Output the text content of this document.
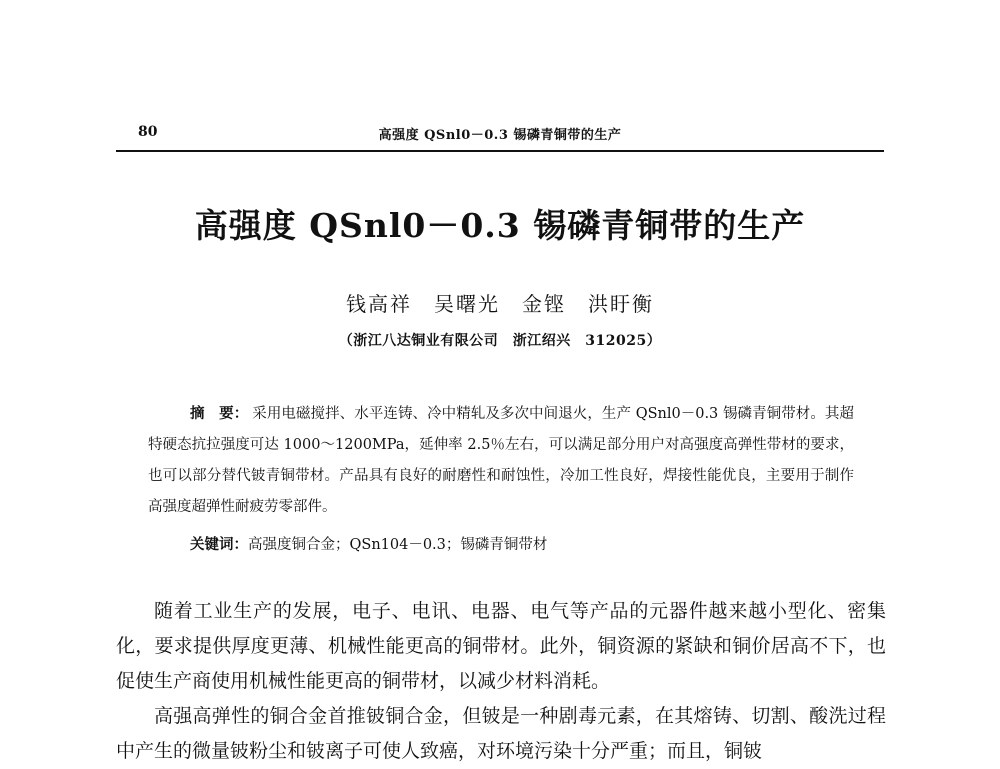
80	高强度 QSnl0－0.3 锡磷青铜带的生产
高强度 QSnl0－0.3 锡磷青铜带的生产
钱高祥　吴曙光　金铿　洪盱衡
（浙江八达铜业有限公司　浙江绍兴　312025）

摘　要： 采用电磁搅拌、水平连铸、冷中精轧及多次中间退火，生产 QSnl0－0.3 锡磷青铜带材。其超特硬态抗拉强度可达 1000～1200MPa，延伸率 2.5％左右，可以满足部分用户对高强度高弹性带材的要求，也可以部分替代铍青铜带材。产品具有良好的耐磨性和耐蚀性，冷加工性良好，焊接性能优良，主要用于制作高强度超弹性耐疲劳零部件。

关键词：高强度铜合金；QSn104－0.3；锡磷青铜带材

随着工业生产的发展，电子、电讯、电器、电气等产品的元器件越来越小型化、密集化，要求提供厚度更薄、机械性能更高的铜带材。此外，铜资源的紧缺和铜价居高不下，也促使生产商使用机械性能更高的铜带材，以减少材料消耗。

高强高弹性的铜合金首推铍铜合金，但铍是一种剧毒元素，在其熔铸、切割、酸洗过程中产生的微量铍粉尘和铍离子可使人致癌，对环境污染十分严重；而且，铜铍
